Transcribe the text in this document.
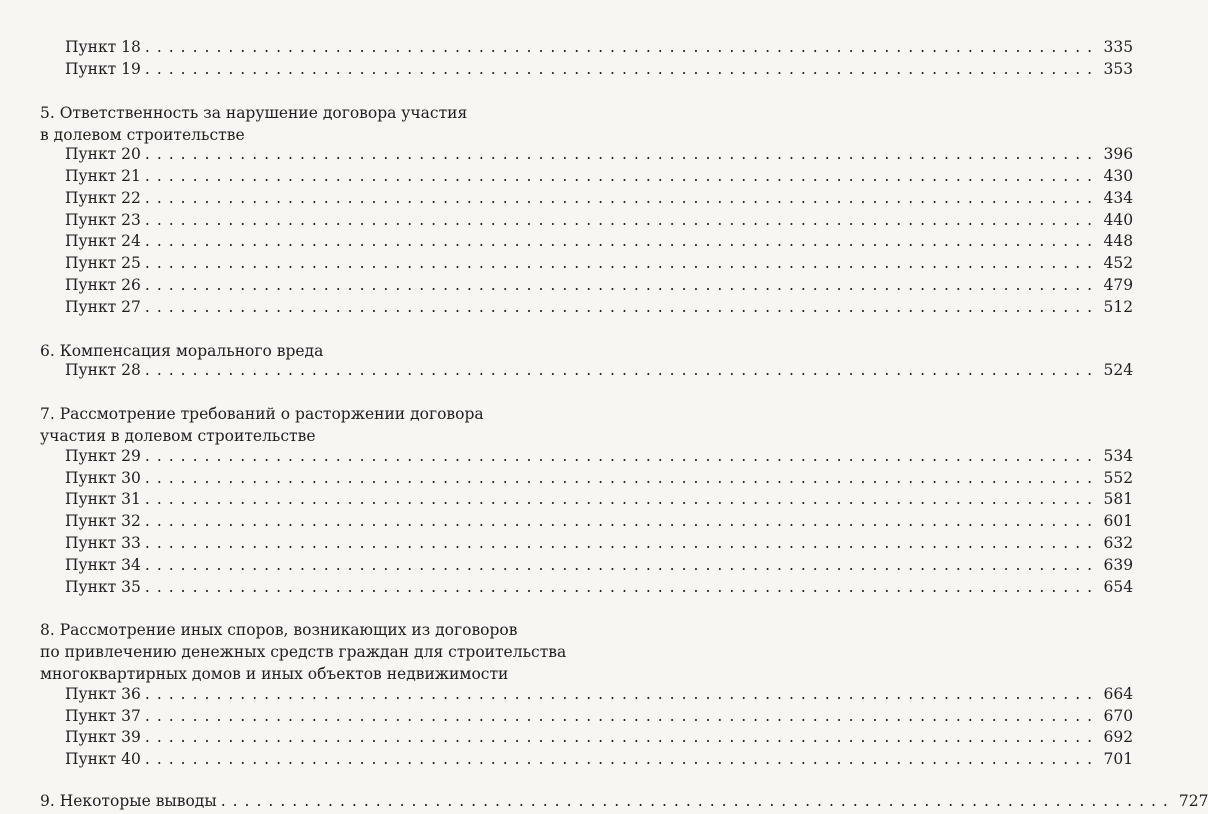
Пункт 18 ................................................................................ 335
Пункт 19 ................................................................................ 353
5. Ответственность за нарушение договора участия
в долевом строительстве
Пункт 20 ................................................................................ 396
Пункт 21 ................................................................................ 430
Пункт 22 ................................................................................ 434
Пункт 23 ................................................................................ 440
Пункт 24 ................................................................................ 448
Пункт 25 ................................................................................ 452
Пункт 26 ................................................................................ 479
Пункт 27 ................................................................................ 512
6. Компенсация морального вреда
Пункт 28 ................................................................................ 524
7. Рассмотрение требований о расторжении договора
участия в долевом строительстве
Пункт 29 ................................................................................ 534
Пункт 30 ................................................................................ 552
Пункт 31 ................................................................................ 581
Пункт 32 ................................................................................ 601
Пункт 33 ................................................................................ 632
Пункт 34 ................................................................................ 639
Пункт 35 ................................................................................ 654
8. Рассмотрение иных споров, возникающих из договоров
по привлечению денежных средств граждан для строительства
многоквартирных домов и иных объектов недвижимости
Пункт 36 ................................................................................ 664
Пункт 37 ................................................................................ 670
Пункт 39 ................................................................................ 692
Пункт 40 ................................................................................ 701
9. Некоторые выводы ................................................................................ 727
